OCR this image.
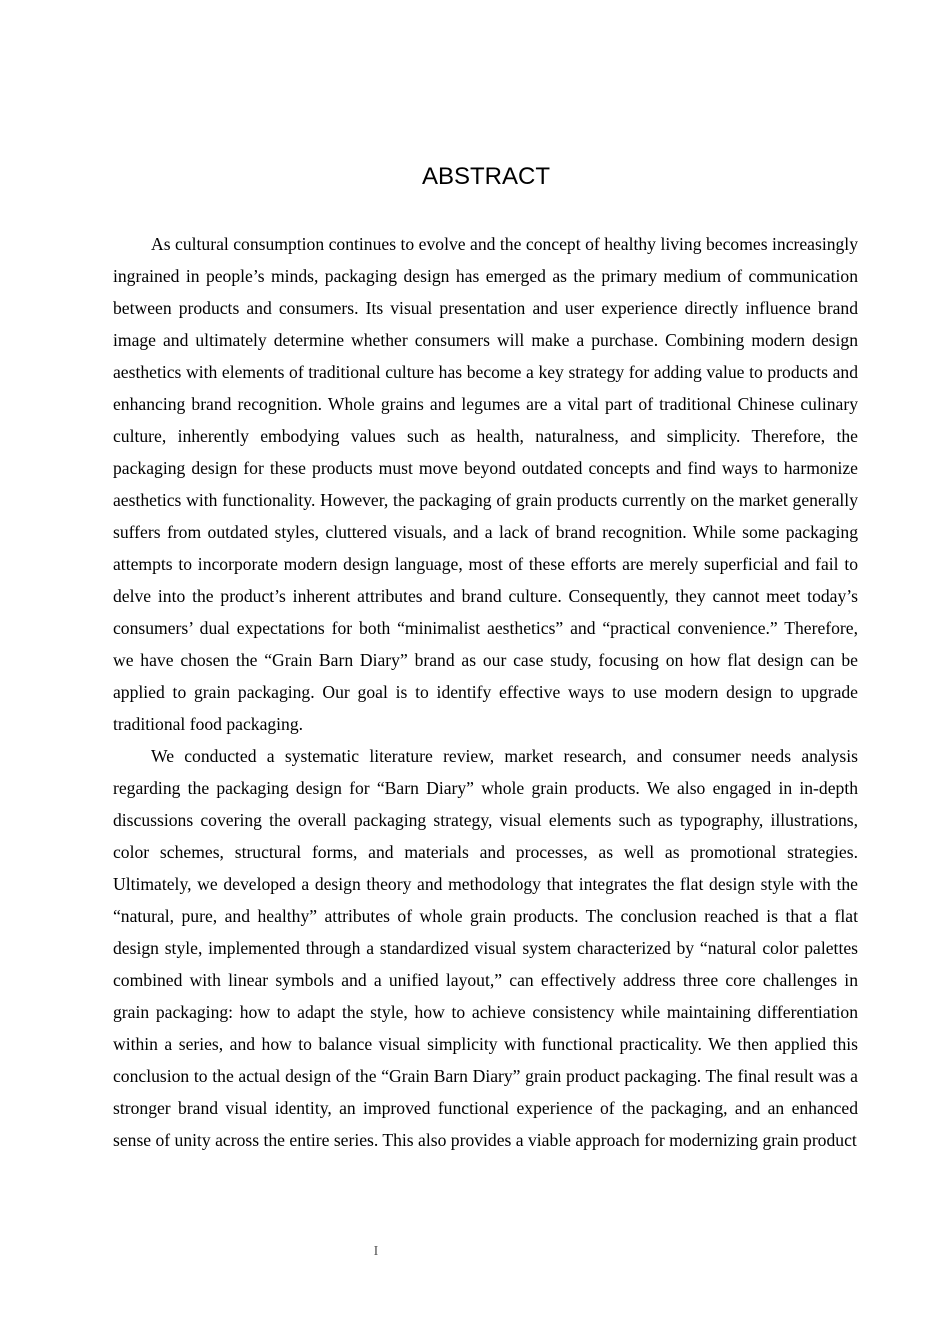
ABSTRACT

As cultural consumption continues to evolve and the concept of healthy living becomes increasingly ingrained in people’s minds, packaging design has emerged as the primary medium of communication between products and consumers. Its visual presentation and user experience directly influence brand image and ultimately determine whether consumers will make a purchase. Combining modern design aesthetics with elements of traditional culture has become a key strategy for adding value to products and enhancing brand recognition. Whole grains and legumes are a vital part of traditional Chinese culinary culture, inherently embodying values such as health, naturalness, and simplicity. Therefore, the packaging design for these products must move beyond outdated concepts and find ways to harmonize aesthetics with functionality. However, the packaging of grain products currently on the market generally suffers from outdated styles, cluttered visuals, and a lack of brand recognition. While some packaging attempts to incorporate modern design language, most of these efforts are merely superficial and fail to delve into the product’s inherent attributes and brand culture. Consequently, they cannot meet today’s consumers’ dual expectations for both “minimalist aesthetics” and “practical convenience.” Therefore, we have chosen the “Grain Barn Diary” brand as our case study, focusing on how flat design can be applied to grain packaging. Our goal is to identify effective ways to use modern design to upgrade traditional food packaging.

We conducted a systematic literature review, market research, and consumer needs analysis regarding the packaging design for “Barn Diary” whole grain products. We also engaged in in-depth discussions covering the overall packaging strategy, visual elements such as typography, illustrations, color schemes, structural forms, and materials and processes, as well as promotional strategies. Ultimately, we developed a design theory and methodology that integrates the flat design style with the “natural, pure, and healthy” attributes of whole grain products. The conclusion reached is that a flat design style, implemented through a standardized visual system characterized by “natural color palettes combined with linear symbols and a unified layout,” can effectively address three core challenges in grain packaging: how to adapt the style, how to achieve consistency while maintaining differentiation within a series, and how to balance visual simplicity with functional practicality. We then applied this conclusion to the actual design of the “Grain Barn Diary” grain product packaging. The final result was a stronger brand visual identity, an improved functional experience of the packaging, and an enhanced sense of unity across the entire series. This also provides a viable approach for modernizing grain product

I
